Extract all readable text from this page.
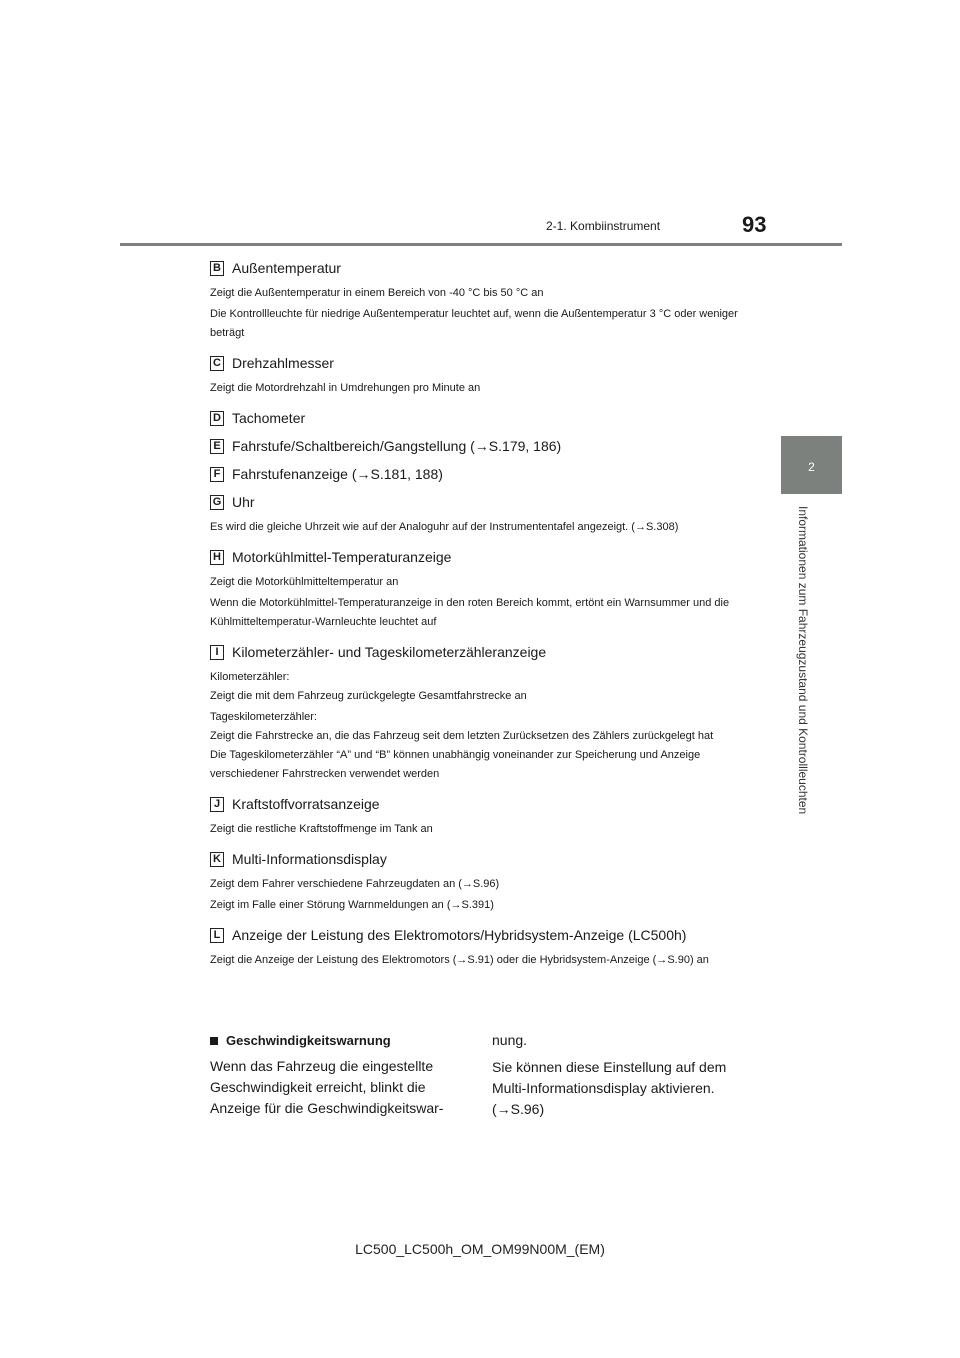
2-1. Kombiinstrument	93
2
Informationen zum Fahrzeugzustand und Kontrollleuchten
B Außentemperatur

Zeigt die Außentemperatur in einem Bereich von -40 °C bis 50 °C an

Die Kontrollleuchte für niedrige Außentemperatur leuchtet auf, wenn die Außentemperatur 3 °C oder weniger beträgt

C Drehzahlmesser

Zeigt die Motordrehzahl in Umdrehungen pro Minute an

D Tachometer
E Fahrstufe/Schaltbereich/Gangstellung (→S.179, 186)
F Fahrstufenanzeige (→S.181, 188)
G Uhr

Es wird die gleiche Uhrzeit wie auf der Analoguhr auf der Instrumententafel angezeigt. (→S.308)

H Motorkühlmittel-Temperaturanzeige

Zeigt die Motorkühlmitteltemperatur an

Wenn die Motorkühlmittel-Temperaturanzeige in den roten Bereich kommt, ertönt ein Warnsummer und die Kühlmitteltemperatur-Warnleuchte leuchtet auf

I Kilometerzähler- und Tageskilometerzähleranzeige

Kilometerzähler:
Zeigt die mit dem Fahrzeug zurückgelegte Gesamtfahrstrecke an

Tageskilometerzähler:
Zeigt die Fahrstrecke an, die das Fahrzeug seit dem letzten Zurücksetzen des Zählers zurückgelegt hat
Die Tageskilometerzähler “A” und “B” können unabhängig voneinander zur Speicherung und Anzeige verschiedener Fahrstrecken verwendet werden

J Kraftstoffvorratsanzeige

Zeigt die restliche Kraftstoffmenge im Tank an

K Multi-Informationsdisplay

Zeigt dem Fahrer verschiedene Fahrzeugdaten an (→S.96)

Zeigt im Falle einer Störung Warnmeldungen an (→S.391)

L Anzeige der Leistung des Elektromotors/Hybridsystem-Anzeige (LC500h)

Zeigt die Anzeige der Leistung des Elektromotors (→S.91) oder die Hybridsystem-Anzeige (→S.90) an

Geschwindigkeitswarnung

Wenn das Fahrzeug die eingestellte Geschwindigkeit erreicht, blinkt die Anzeige für die Geschwindigkeitswar-

nung.

Sie können diese Einstellung auf dem Multi-Informationsdisplay aktivieren. (→S.96)

LC500_LC500h_OM_OM99N00M_(EM)
